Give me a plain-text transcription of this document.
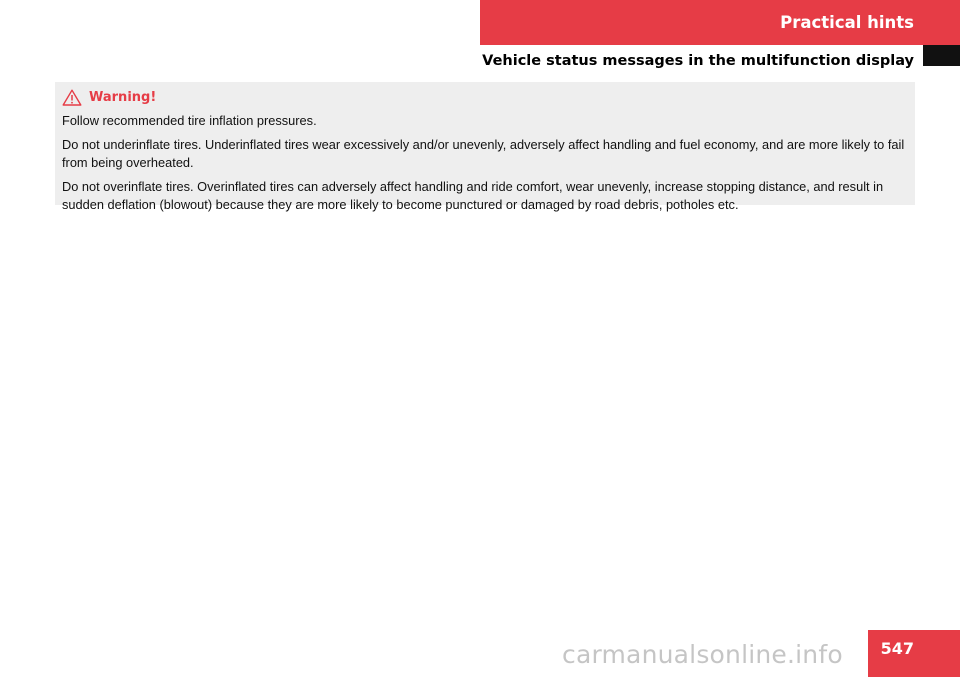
Practical hints
Vehicle status messages in the multifunction display
Warning!

Follow recommended tire inflation pressures.

Do not underinflate tires. Underinflated tires wear excessively and/or unevenly, adversely affect handling and fuel economy, and are more likely to fail from being overheated.

Do not overinflate tires. Overinflated tires can adversely affect handling and ride comfort, wear unevenly, increase stopping distance, and result in sudden deflation (blowout) because they are more likely to become punctured or damaged by road debris, potholes etc.

carmanualsonline.info	547
